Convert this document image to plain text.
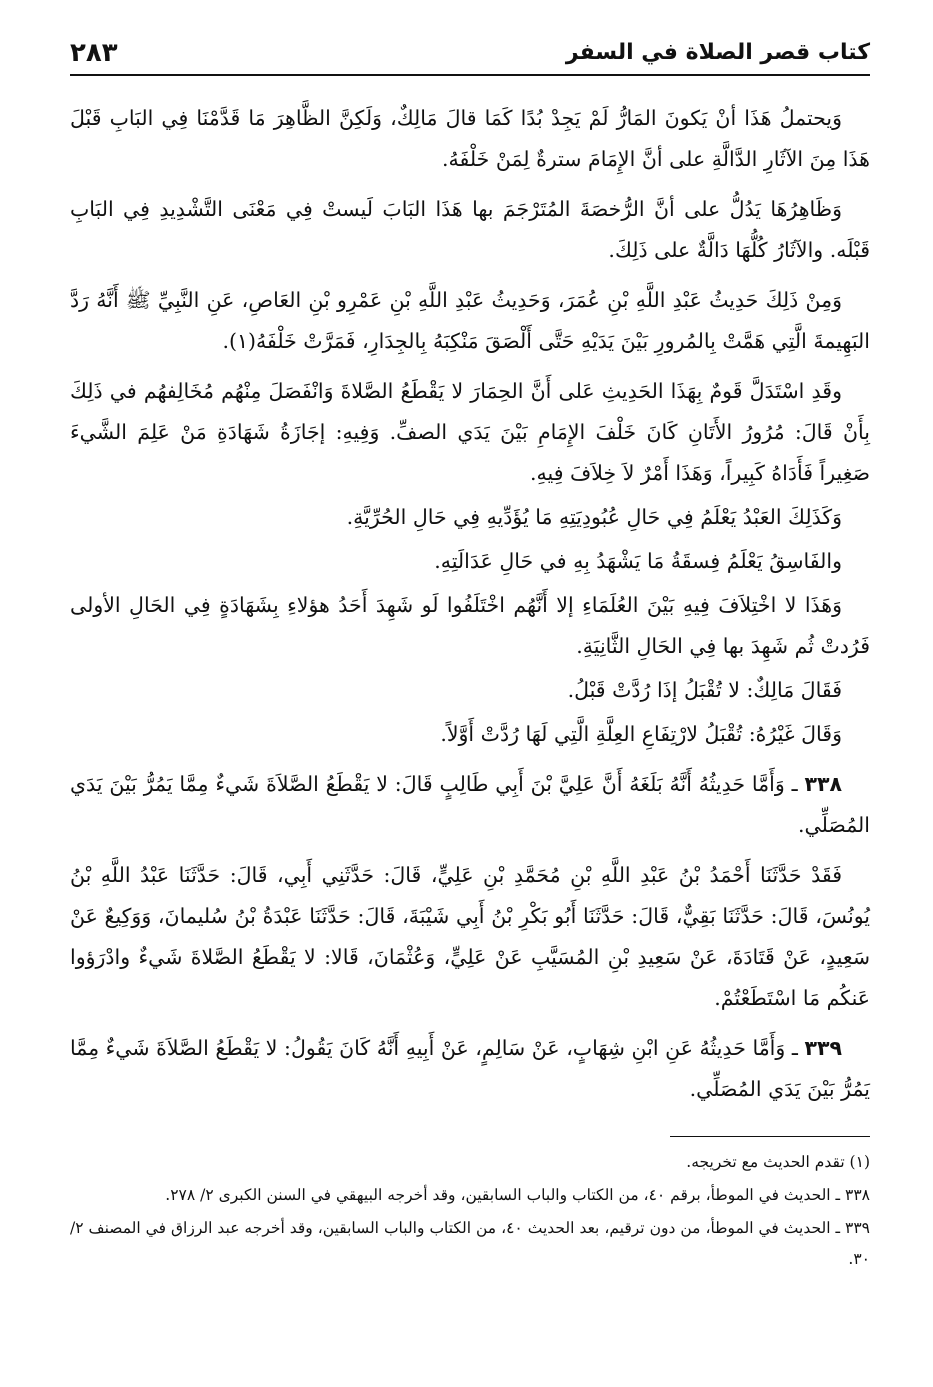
كتاب قصر الصلاة في السفر
٢٨٣

وَيحتملُ هَذَا أنْ يَكونَ المَارُّ لَمْ يَجِدْ بُدًا كَمَا قالَ مَالِكٌ، وَلَكِنَّ الظَّاهِرَ مَا قَدَّمْنَا فِي البَابِ قَبْلَ هَذَا مِنَ الآثَارِ الدَّالَّةِ على أنَّ الإِمَامَ سترةٌ لِمَنْ خَلْفَهُ.

وَظَاهِرُهَا يَدُلُّ على أنَّ الرُّخصَةَ المُتَرْجَمَ بها هَذَا البَابَ لَيستْ فِي مَعْنَى التَّشْدِيدِ فِي البَابِ قَبْلَه. والآثَارُ كُلُّهَا دَالَّةٌ على ذَلِكَ.

وَمِنْ ذَلِكَ حَدِيثُ عَبْدِ اللَّهِ بْنِ عُمَرَ، وَحَدِيثُ عَبْدِ اللَّهِ بْنِ عَمْرِو بْنِ العَاصِ، عَنِ النَّبِيِّ ﷺ أَنَّهُ رَدَّ البَهِيمةَ الَّتِي هَمَّتْ بِالمُرورِ بَيْنَ يَدَيْهِ حَتَّى أَلْصَقَ مَنْكِبَهُ بِالجِدَارِ، فَمَرَّتْ خَلْفَهُ(١).

وقَدِ اسْتَدَلَّ قَومٌ بِهَذَا الحَدِيثِ عَلى أَنَّ الحِمَارَ لا يَقْطَعُ الصَّلاةَ وَانْفَصَلَ مِنْهُم مُخَالِفهُم في ذَلِكَ بِأَنْ قَالَ: مُرُورُ الأَتَانِ كَانَ خَلْفَ الإِمَامِ بَيْنَ يَدَي الصفِّ. وَفِيهِ: إجَازَةُ شَهَادَةِ مَنْ عَلِمَ الشَّيءَ صَغِيراً فَأَدَاهُ كَبِيراً، وَهَذَا أَمْرٌ لاَ خِلاَفَ فِيهِ.

وَكَذَلِكَ العَبْدُ يَعْلَمُ فِي حَالِ عُبُودِيَتِهِ مَا يُؤَدِّيهِ فِي حَالِ الحُرِّيَّةِ.

والفَاسِقُ يَعْلَمُ فِسقَةُ مَا يَشْهَدُ بِهِ في حَالِ عَدَالَتِهِ.

وَهَذَا لا اخْتِلاَفَ فِيهِ بَيْنَ العُلَمَاءِ إلا أَنَّهُم اخْتَلَفُوا لَو شَهِدَ أَحَدُ هؤلاءِ بِشَهَادَةٍ فِي الحَالِ الأولى فَرُدتْ ثُم شَهِدَ بها فِي الحَالِ الثَّانِيَةِ.

فَقَالَ مَالِكٌ: لا تُقْبَلُ إذَا رُدَّتْ قَبْلُ.

وَقَالَ غَيْرُهُ: تُقْبَلُ لارْتِفَاعِ العِلَّةِ الَّتِي لَهَا رُدَّتْ أَوَّلاً.

٣٣٨ ـ وَأَمَّا حَدِيثُهُ أَنَّهُ بَلَغَهُ أَنَّ عَلِيَّ بْنَ أَبِي طَالِبٍ قَالَ: لا يَقْطَعُ الصَّلاَةَ شَيءٌ مِمَّا يَمُرُّ بَيْنَ يَدَي المُصَلِّي.

فَقَدْ حَدَّثَنَا أَحْمَدُ بْنُ عَبْدِ اللَّهِ بْنِ مُحَمَّدِ بْنِ عَلِيٍّ، قَالَ: حَدَّثَنِي أَبِي، قَالَ: حَدَّثَنَا عَبْدُ اللَّهِ بْنُ يُونُسَ، قَالَ: حَدَّثَنَا بَقِيٌّ، قَالَ: حَدَّثَنَا أَبُو بَكْرِ بْنُ أَبِي شَيْبَةَ، قَالَ: حَدَّثَنَا عَبْدَةُ بْنُ سُليمانَ، وَوَكِيعٌ عَنْ سَعِيدٍ، عَنْ قَتَادَةَ، عَنْ سَعِيدِ بْنِ المُسَيَّبِ عَنْ عَلِيٍّ، وَعُثْمَانَ، قَالا: لا يَقْطَعُ الصَّلاةَ شَيءٌ وادْرَؤوا عَنكُم مَا اسْتَطَعْتُمْ.

٣٣٩ ـ وَأَمَّا حَدِيثُهُ عَنِ ابْنِ شِهَابٍ، عَنْ سَالِمٍ، عَنْ أَبِيهِ أَنَّهُ كَانَ يَقُولُ: لا يَقْطَعُ الصَّلاَةَ شَيءٌ مِمَّا يَمُرُّ بَيْنَ يَدَي المُصَلِّي.

(١) تقدم الحديث مع تخريجه.

٣٣٨ ـ الحديث في الموطأ، برقم ٤٠، من الكتاب والباب السابقين، وقد أخرجه البيهقي في السنن الكبرى ٢/ ٢٧٨.

٣٣٩ ـ الحديث في الموطأ، من دون ترقيم، بعد الحديث ٤٠، من الكتاب والباب السابقين، وقد أخرجه عبد الرزاق في المصنف ٢/ ٣٠.
